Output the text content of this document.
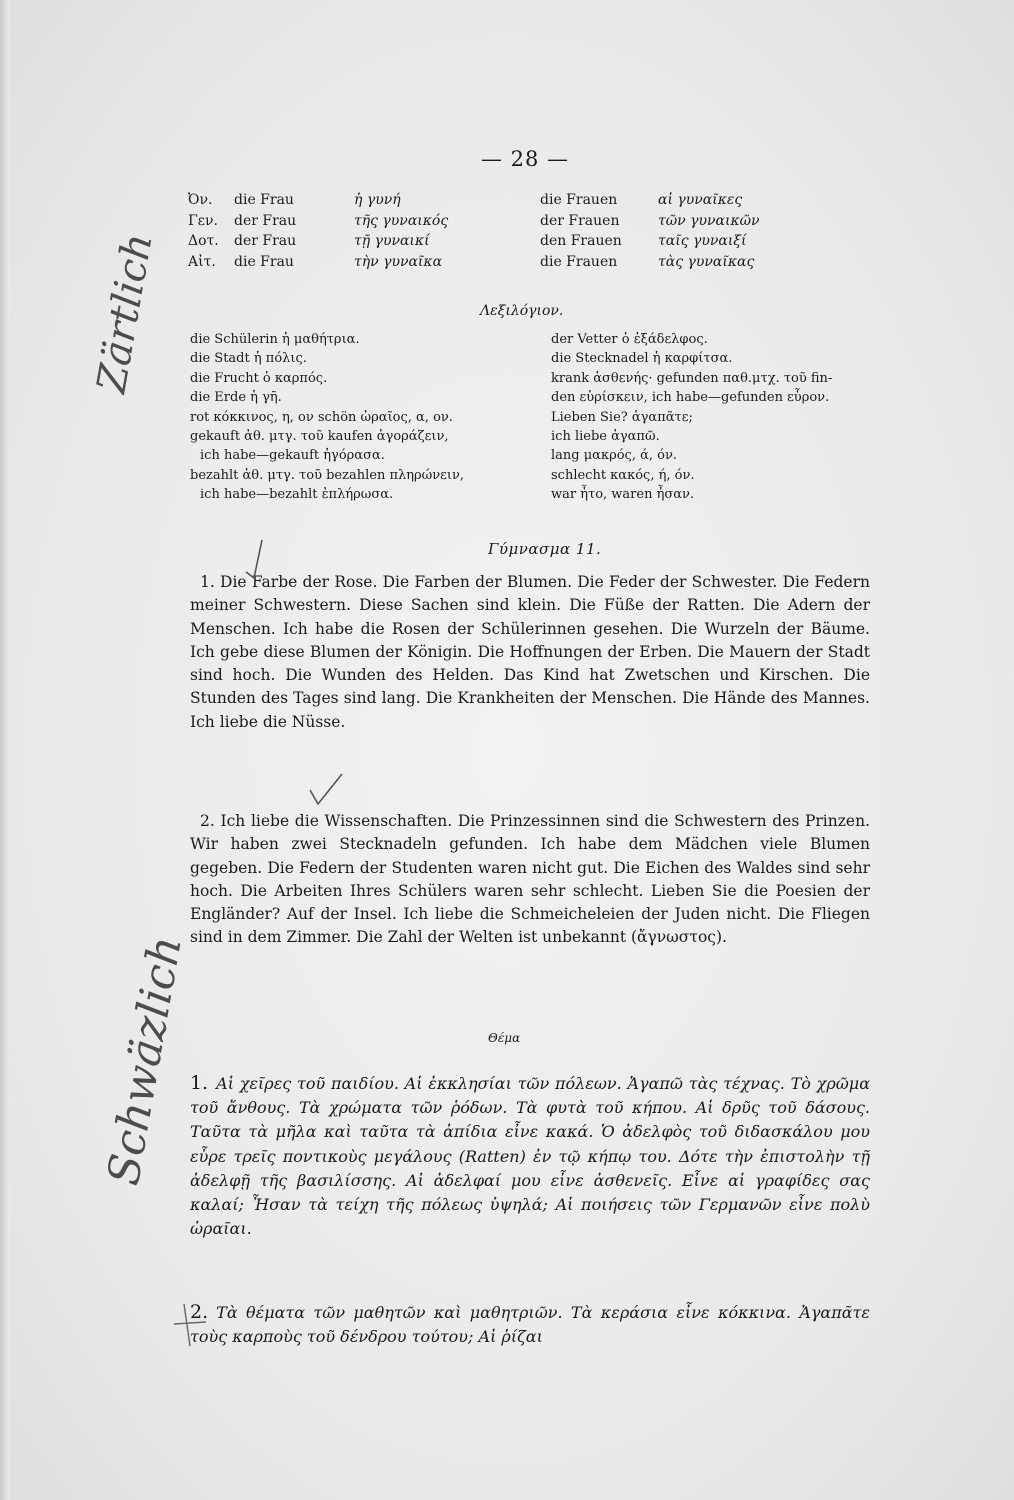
— 28 —
Ὀν.	die Frau	ἡ γυνή	die Frauen	αἱ γυναῖκες
Γεν.	der Frau	τῆς γυναικός	der Frauen	τῶν γυναικῶν
Δοτ.	der Frau	τῇ γυναικί	den Frauen	ταῖς γυναιξί
Αἰτ.	die Frau	τὴν γυναῖκα	die Frauen	τὰς γυναῖκας
Λεξιλόγιον.
die Schülerin ἡ μαθήτρια.
die Stadt ἡ πόλις.
die Frucht ὁ καρπός.
die Erde ἡ γῆ.
rot κόκκινος, η, ον schön ὡραῖος, α, ον.
gekauft ἀθ. μτγ. τοῦ kaufen ἀγοράζειν,
ich habe—gekauft ἠγόρασα.
bezahlt ἀθ. μτγ. τοῦ bezahlen πληρώνειν,
ich habe—bezahlt ἐπλήρωσα.
der Vetter ὁ ἐξάδελφος.
die Stecknadel ἡ καρφίτσα.
krank ἀσθενής· gefunden παθ.μτχ. τοῦ fin-
den εὑρίσκειν, ich habe—gefunden εὗρον.
Lieben Sie? ἀγαπᾶτε;
ich liebe ἀγαπῶ.
lang μακρός, ά, όν.
schlecht κακός, ή, όν.
war ἦτο, waren ἦσαν.
Γύμνασμα 11.

1. Die Farbe der Rose. Die Farben der Blumen. Die Feder der Schwester. Die Federn meiner Schwestern. Diese Sachen sind klein. Die Füße der Ratten. Die Adern der Menschen. Ich habe die Rosen der Schülerinnen gesehen. Die Wurzeln der Bäume. Ich gebe diese Blumen der Königin. Die Hoffnungen der Erben. Die Mauern der Stadt sind hoch. Die Wunden des Helden. Das Kind hat Zwetschen und Kirschen. Die Stunden des Tages sind lang. Die Krankheiten der Menschen. Die Hände des Mannes. Ich liebe die Nüsse.

2. Ich liebe die Wissenschaften. Die Prinzessinnen sind die Schwestern des Prinzen. Wir haben zwei Stecknadeln gefunden. Ich habe dem Mädchen viele Blumen gegeben. Die Federn der Studenten waren nicht gut. Die Eichen des Waldes sind sehr hoch. Die Arbeiten Ihres Schülers waren sehr schlecht. Lieben Sie die Poesien der Engländer? Auf der Insel. Ich liebe die Schmeicheleien der Juden nicht. Die Fliegen sind in dem Zimmer. Die Zahl der Welten ist unbekannt (ἄγνωστος).

Θέμα

1. Αἱ χεῖρες τοῦ παιδίου. Αἱ ἐκκλησίαι τῶν πόλεων. Ἀγαπῶ τὰς τέχνας. Τὸ χρῶμα τοῦ ἄνθους. Τὰ χρώματα τῶν ῥόδων. Τὰ φυτὰ τοῦ κήπου. Αἱ δρῦς τοῦ δάσους. Ταῦτα τὰ μῆλα καὶ ταῦτα τὰ ἀπίδια εἶνε κακά. Ὁ ἀδελφὸς τοῦ διδασκάλου μου εὗρε τρεῖς ποντικοὺς μεγάλους (Ratten) ἐν τῷ κήπῳ του. Δότε τὴν ἐπιστολὴν τῇ ἀδελφῇ τῆς βασιλίσσης. Αἱ ἀδελφαί μου εἶνε ἀσθενεῖς. Εἶνε αἱ γραφίδες σας καλαί; Ἦσαν τὰ τείχη τῆς πόλεως ὑψηλά; Αἱ ποιήσεις τῶν Γερμανῶν εἶνε πολὺ ὡραῖαι.

2. Τὰ θέματα τῶν μαθητῶν καὶ μαθητριῶν. Τὰ κεράσια εἶνε κόκκινα. Ἀγαπᾶτε τοὺς καρποὺς τοῦ δένδρου τούτου; Αἱ ῥίζαι

Zärtlich
Schwäzlich
